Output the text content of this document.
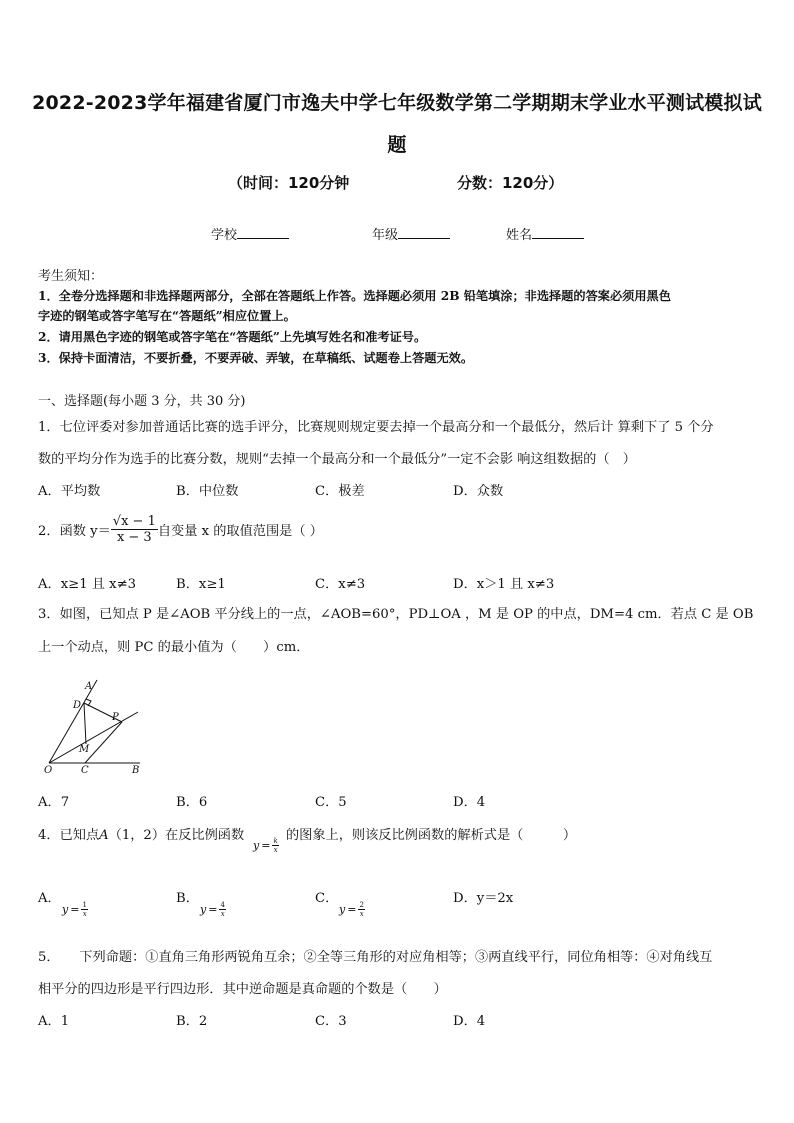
2022-2023学年福建省厦门市逸夫中学七年级数学第二学期期末学业水平测试模拟试
题
（时间：120分钟	分数：120分）
学校	年级	姓名
考生须知：
1．全卷分选择题和非选择题两部分，全部在答题纸上作答。选择题必须用 2B 铅笔填涂；非选择题的答案必须用黑色
字迹的钢笔或答字笔写在“答题纸”相应位置上。
2．请用黑色字迹的钢笔或答字笔在“答题纸”上先填写姓名和准考证号。
3．保持卡面清洁，不要折叠，不要弄破、弄皱，在草稿纸、试题卷上答题无效。
一、选择题(每小题 3 分，共 30 分)
1．七位评委对参加普通话比赛的选手评分，比赛规则规定要去掉一个最高分和一个最低分，然后计 算剩下了 5 个分
数的平均分作为选手的比赛分数，规则“去掉一个最高分和一个最低分”一定不会影 响这组数据的（　）
A．平均数	B．中位数	C．极差	D．众数
2．函数 $y= \frac{√x - 1}{x - 3}$ 自变量 x 的取值范围是（ ）
A．x≥1 且 x≠3	B．x≥1	C．x≠3	D．x＞1 且 x≠3
3．如图，已知点 P 是∠AOB 平分线上的一点，∠AOB=60°，PD⊥OA ，M 是 OP 的中点，DM=4 cm．若点 C 是 OB
上一个动点，则 PC 的最小值为（　　）cm．
A
D
P
M
O	C	B
A．7	B．6	C．5	D．4
4．已知点A（1，2）在反比例函数
$y = \frac{k}{x}$
的图象上，则该反比例函数的解析式是（　　　）
A．
$y = \frac{1}{x}$
B．
$y = \frac{4}{x}$
C．
$y = \frac{2}{x}$
D．y＝2x
5．　　下列命题：①直角三角形两锐角互余；②全等三角形的对应角相等；③两直线平行，同位角相等：④对角线互
相平分的四边形是平行四边形．其中逆命题是真命题的个数是（　　）
A．1	B．2	C．3	D．4
